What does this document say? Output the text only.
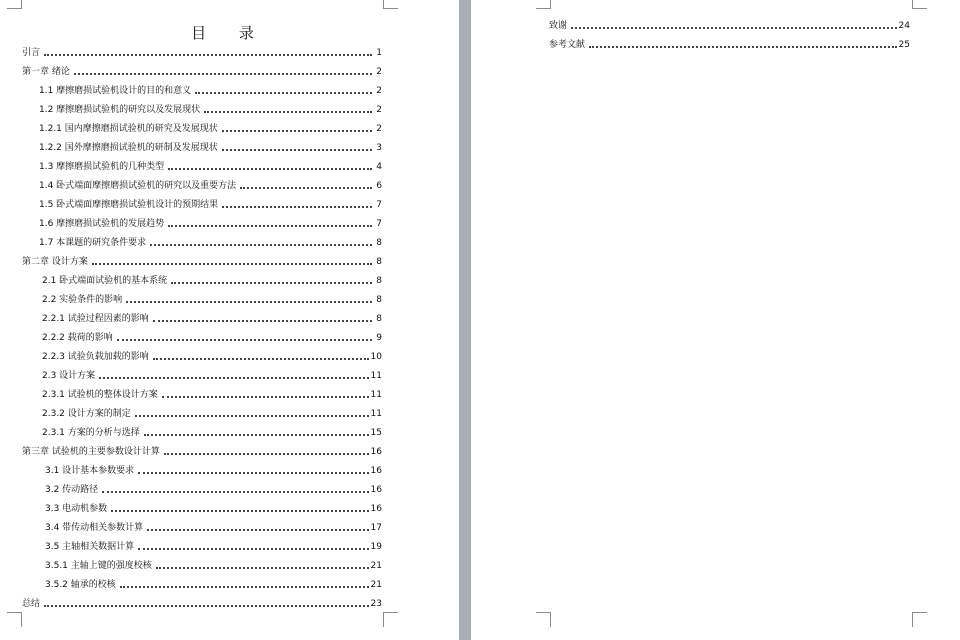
目 录
引言	1
第一章 绪论	2
1.1 摩擦磨损试验机设计的目的和意义	2
1.2 摩擦磨损试验机的研究以及发展现状	2
1.2.1 国内摩擦磨损试验机的研究及发展现状	2
1.2.2 国外摩擦磨损试验机的研制及发展现状	3
1.3 摩擦磨损试验机的几种类型	4
1.4 卧式端面摩擦磨损试验机的研究以及重要方法	6
1.5 卧式端面摩擦磨损试验机设计的预期结果	7
1.6 摩擦磨损试验机的发展趋势	7
1.7 本课题的研究条件要求	8
第二章 设计方案	8
2.1 卧式端面试验机的基本系统	8
2.2 实验条件的影响	8
2.2.1 试验过程因素的影响	8
2.2.2 载荷的影响	9
2.2.3 试验负载加载的影响	10
2.3 设计方案	11
2.3.1 试验机的整体设计方案	11
2.3.2 设计方案的制定	11
2.3.1 方案的分析与选择	15
第三章 试验机的主要参数设计计算	16
3.1 设计基本参数要求	16
3.2 传动路径	16
3.3 电动机参数	16
3.4 带传动相关参数计算	17
3.5 主轴相关数据计算	19
3.5.1 主轴上键的强度校核	21
3.5.2 轴承的校核	21
总结	23
致谢	24
参考文献	25
